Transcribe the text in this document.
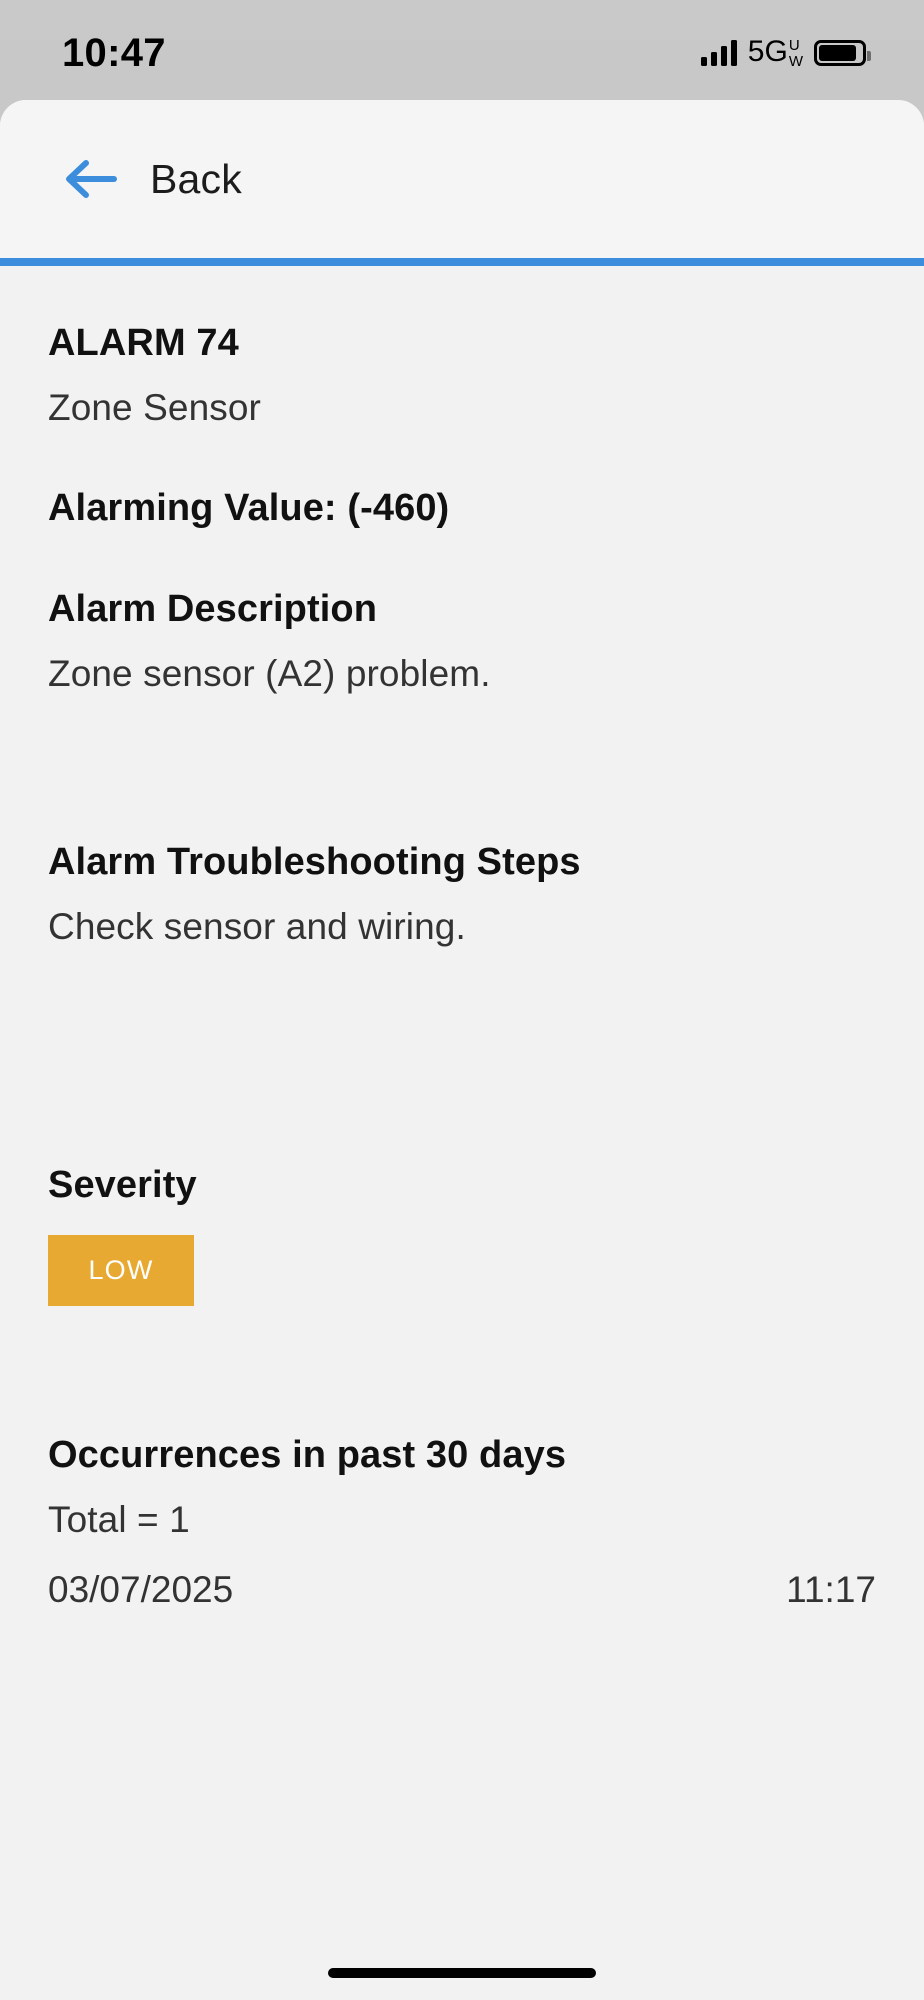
10:47	5G U
W
Back
ALARM 74
Zone Sensor
Alarming Value: (-460)
Alarm Description
Zone sensor (A2) problem.
Alarm Troubleshooting Steps
Check sensor and wiring.
Severity
LOW
Occurrences in past 30 days
Total = 1
03/07/2025	11:17
